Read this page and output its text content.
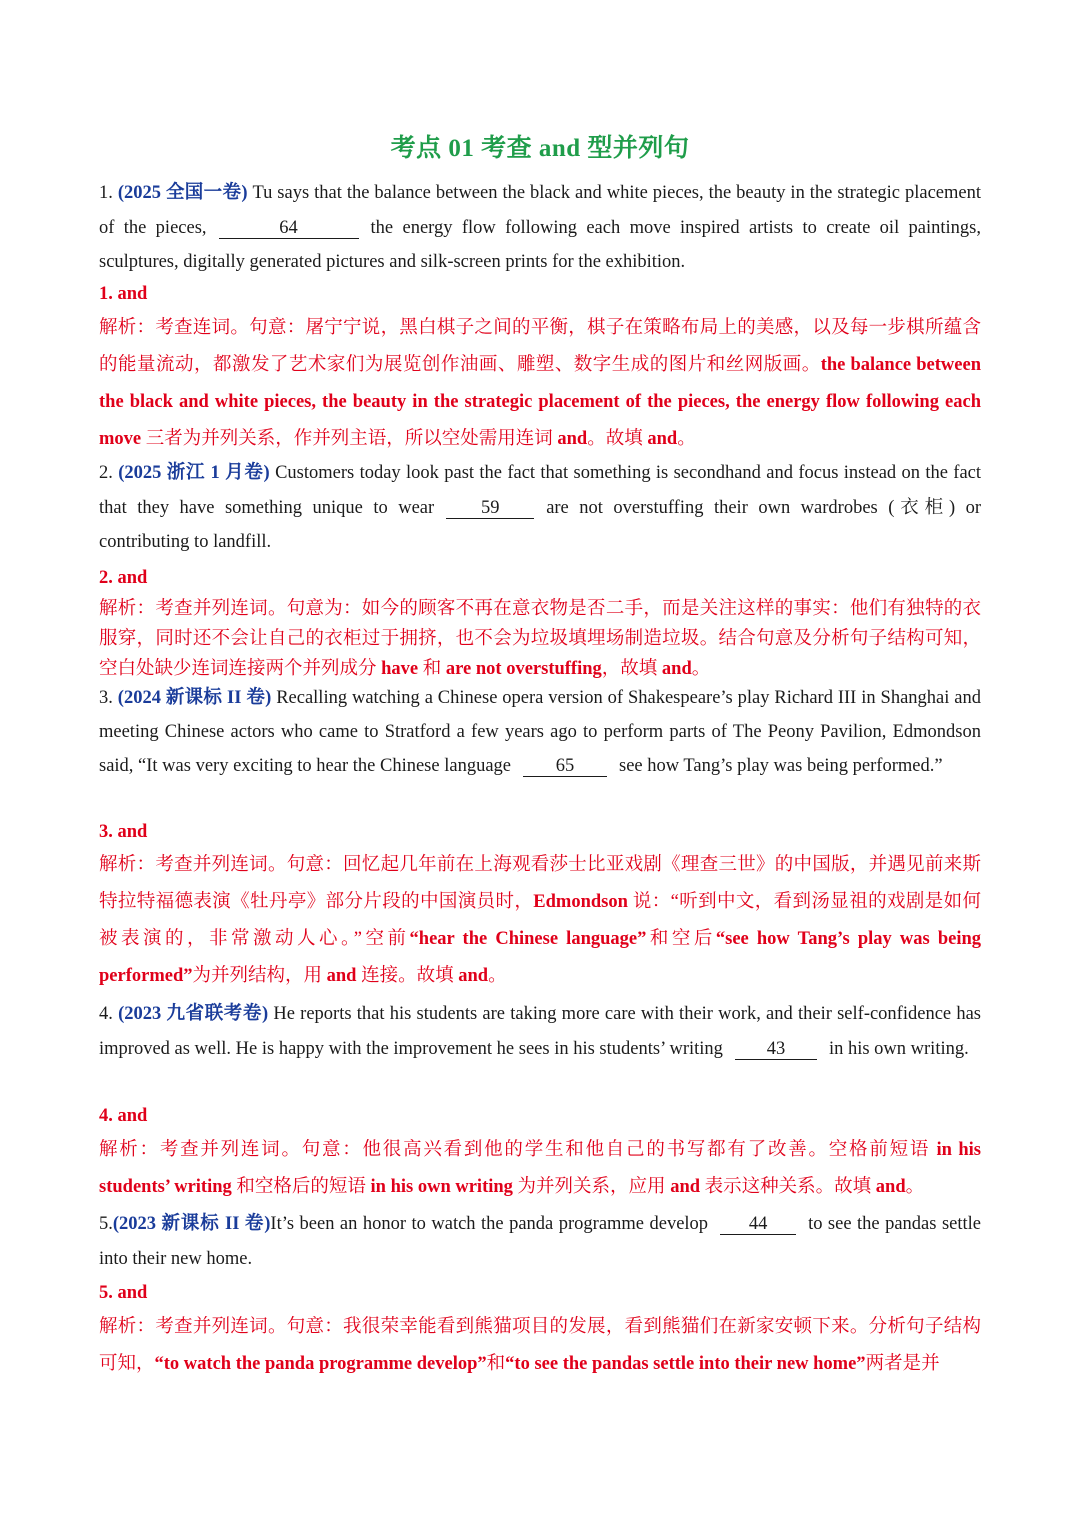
考点 01 考查 and 型并列句
1. (2025 全国一卷) Tu says that the balance between the black and white pieces, the beauty in the strategic placement of the pieces,	64	the energy flow following each move inspired artists to create oil paintings, sculptures, digitally generated pictures and silk-screen prints for the exhibition.
1. and
解析：考查连词。句意：屠宁宁说，黑白棋子之间的平衡，棋子在策略布局上的美感，以及每一步棋所蕴含的能量流动，都激发了艺术家们为展览创作油画、雕塑、数字生成的图片和丝网版画。the balance between the black and white pieces, the beauty in the strategic placement of the pieces, the energy flow following each move 三者为并列关系，作并列主语，所以空处需用连词 and。故填 and。
2. (2025 浙江 1 月卷) Customers today look past the fact that something is secondhand and focus instead on the fact that they have something unique to wear	59	are not overstuffing their own wardrobes (衣柜) or contributing to landfill.
2. and
解析：考查并列连词。句意为：如今的顾客不再在意衣物是否二手，而是关注这样的事实：他们有独特的衣服穿，同时还不会让自己的衣柜过于拥挤，也不会为垃圾填埋场制造垃圾。结合句意及分析句子结构可知，空白处缺少连词连接两个并列成分 have 和 are not overstuffing，故填 and。
3. (2024 新课标 II 卷) Recalling watching a Chinese opera version of Shakespeare’s play Richard III in Shanghai and meeting Chinese actors who came to Stratford a few years ago to perform parts of The Peony Pavilion, Edmondson said, “It was very exciting to hear the Chinese language 65 see how Tang’s play was being performed.”
3. and
解析：考查并列连词。句意：回忆起几年前在上海观看莎士比亚戏剧《理查三世》的中国版，并遇见前来斯特拉特福德表演《牡丹亭》部分片段的中国演员时，Edmondson 说：“听到中文，看到汤显祖的戏剧是如何被表演的，非常激动人心。”空前“hear the Chinese language”和空后“see how Tang’s play was being performed”为并列结构，用 and 连接。故填 and。
4. (2023 九省联考卷) He reports that his students are taking more care with their work, and their self-confidence has improved as well. He is happy with the improvement he sees in his students’ writing 43 in his own writing.
4. and
解析：考查并列连词。句意：他很高兴看到他的学生和他自己的书写都有了改善。空格前短语 in his students’ writing 和空格后的短语 in his own writing 为并列关系，应用 and 表示这种关系。故填 and。
5.(2023 新课标 II 卷)It’s been an honor to watch the panda programme develop 44 to see the pandas settle into their new home.
5. and
解析：考查并列连词。句意：我很荣幸能看到熊猫项目的发展，看到熊猫们在新家安顿下来。分析句子结构可知，“to watch the panda programme develop”和“to see the pandas settle into their new home”两者是并
